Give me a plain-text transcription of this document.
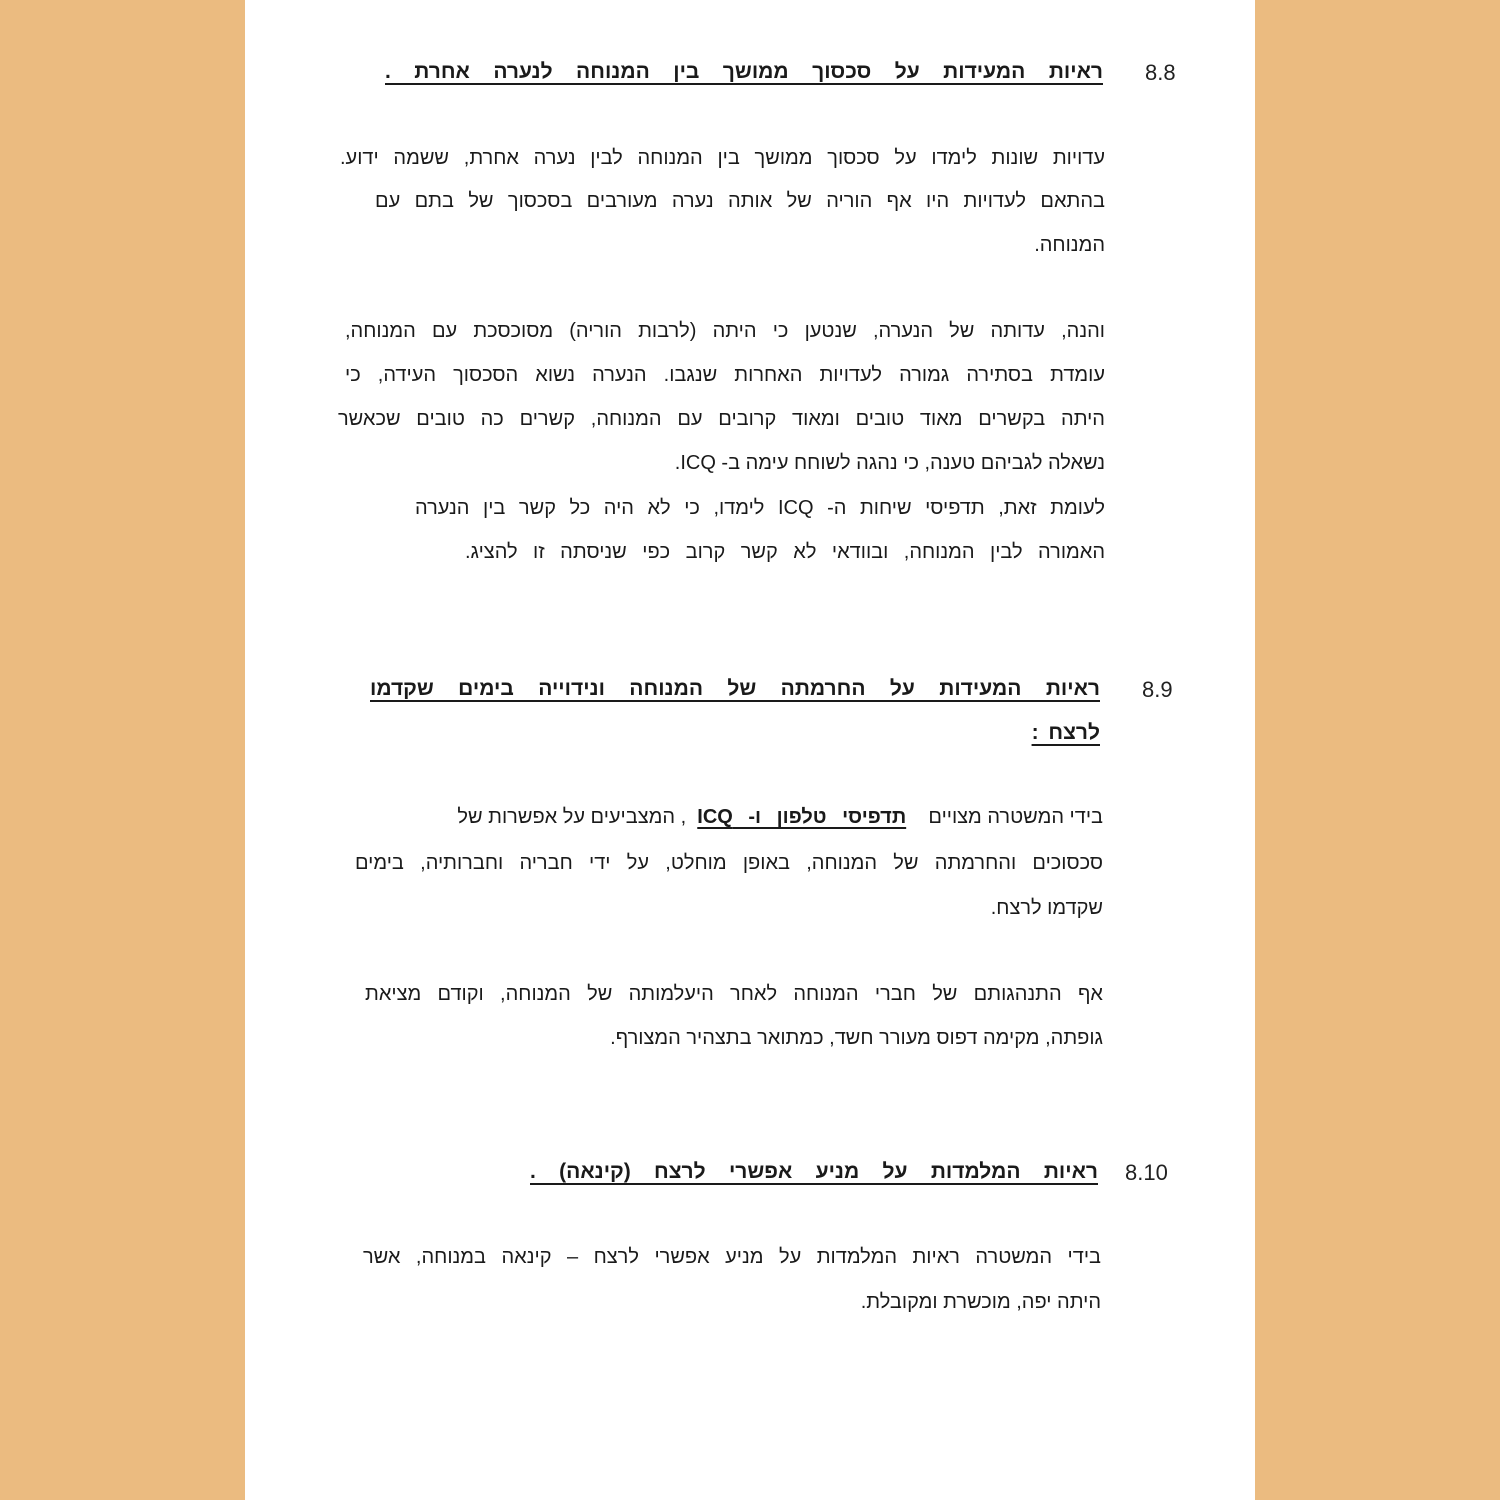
8.8
ראיות המעידות על סכסוך ממושך בין המנוחה לנערה אחרת .
עדויות שונות לימדו על סכסוך ממושך בין המנוחה לבין נערה אחרת, ששמה ידוע.
בהתאם לעדויות היו אף הוריה של אותה נערה מעורבים בסכסוך של בתם עם
המנוחה.
והנה, עדותה של הנערה, שנטען כי היתה (לרבות הוריה) מסוכסכת עם המנוחה,
עומדת בסתירה גמורה לעדויות האחרות שנגבו. הנערה נשוא הסכסוך העידה, כי
היתה בקשרים מאוד טובים ומאוד קרובים עם המנוחה, קשרים כה טובים שכאשר
נשאלה לגביהם טענה, כי נהגה לשוחח עימה ב- ICQ.
לעומת זאת, תדפיסי שיחות ה- ICQ לימדו, כי לא היה כל קשר בין הנערה
האמורה לבין המנוחה, ובוודאי לא קשר קרוב כפי שניסתה זו להציג.
8.9
ראיות המעידות על החרמתה של המנוחה ונידוייה בימים שקדמו
לרצח :
בידי המשטרה מצויים    תדפיסי טלפון ו- ICQ  , המצביעים על אפשרות של
סכסוכים והחרמתה של המנוחה, באופן מוחלט, על ידי חבריה וחברותיה, בימים
שקדמו לרצח.
אף התנהגותם של חברי המנוחה לאחר היעלמותה של המנוחה, וקודם מציאת
גופתה, מקימה דפוס מעורר חשד, כמתואר בתצהיר המצורף.
8.10
ראיות המלמדות על מניע אפשרי לרצח (קינאה) .
בידי המשטרה ראיות המלמדות על מניע אפשרי לרצח – קינאה במנוחה, אשר
היתה יפה, מוכשרת ומקובלת.
